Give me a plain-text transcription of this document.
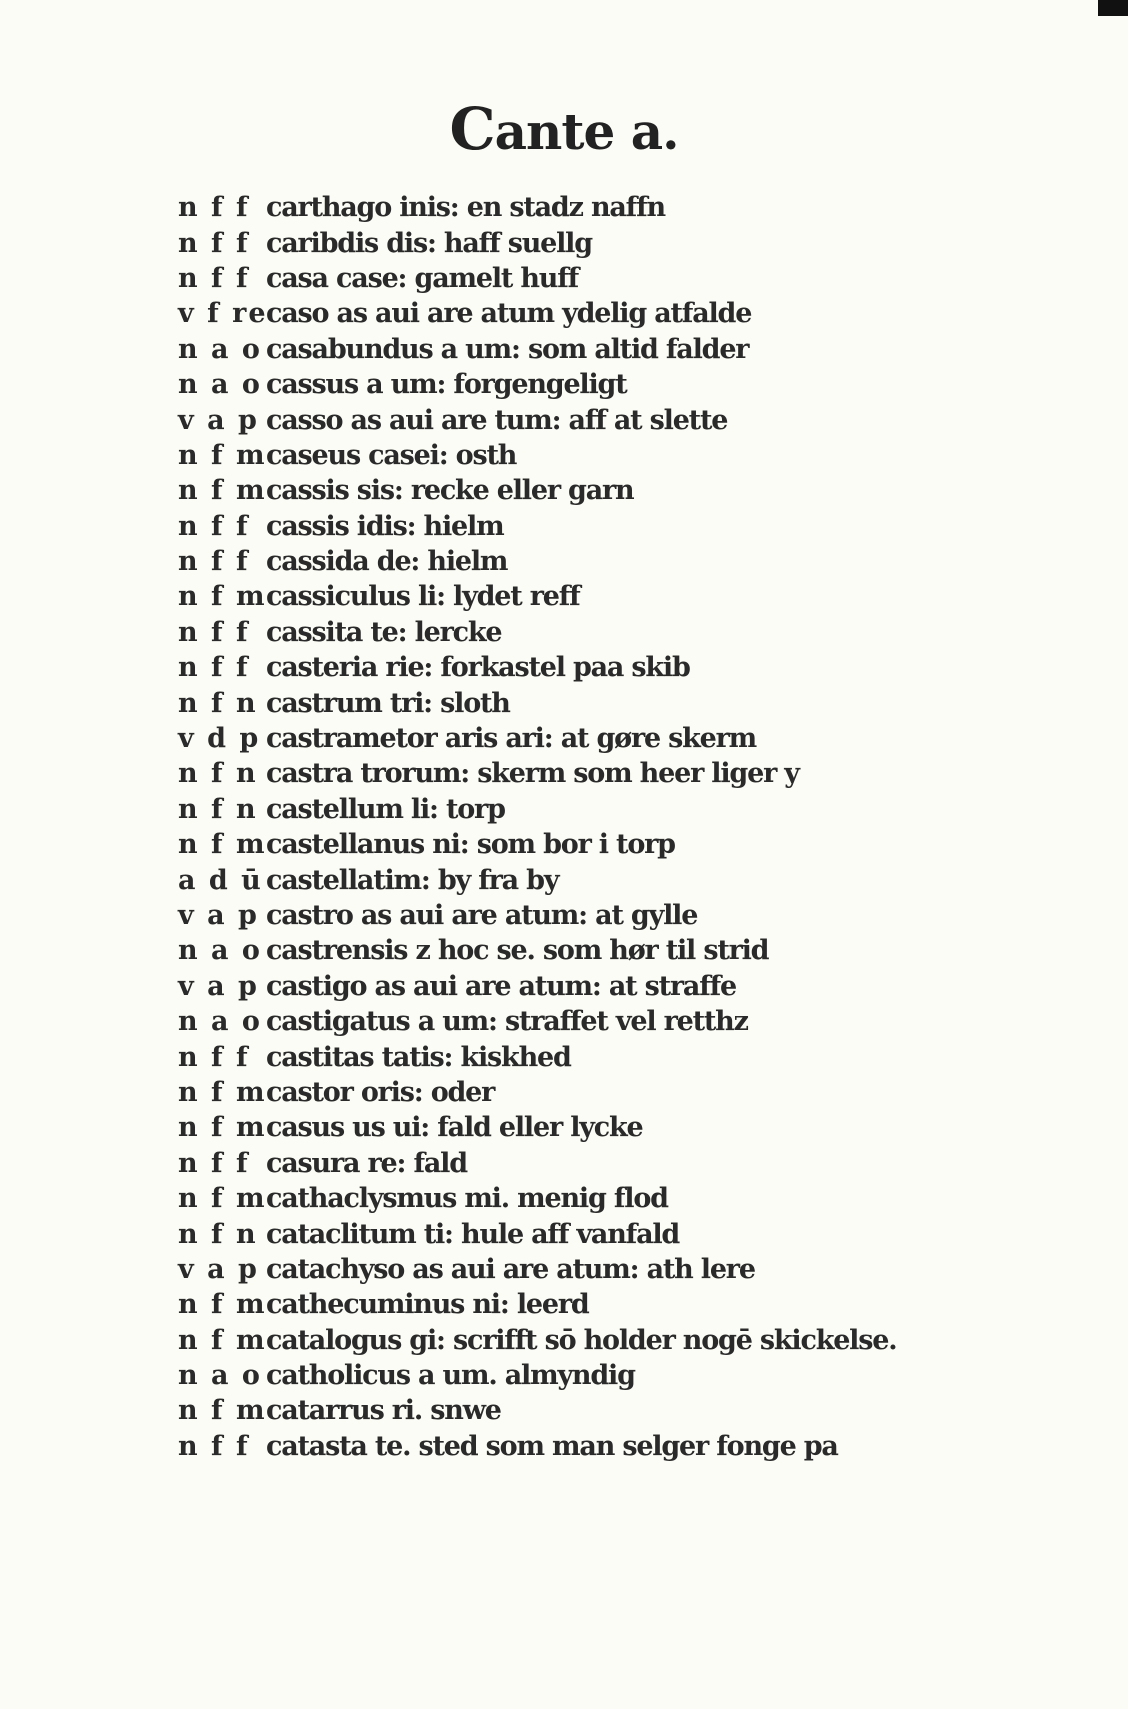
Cante a.
n f f carthago inis: en stadz naffn
n f f caribdis dis: haff suellg
n f f casa case: gamelt huff
v f re
caso as aui are atum ydelig atfalde
n a o casabundus a um: som altid falder
n a o cassus a um: forgengeligt
v a p casso as aui are tum: aff at slette
n f m caseus casei: osth
n f m cassis sis: recke eller garn
n f f cassis idis: hielm
n f f cassida de: hielm
n f m cassiculus li: lydet reff
n f f cassita te: lercke
n f f casteria rie: forkastel paa skib
n f n castrum tri: sloth
v d p castrametor aris ari: at gøre skerm
n f n castra trorum: skerm som heer liger y
n f n castellum li: torp
n f m castellanus ni: som bor i torp
a d ū castellatim: by fra by
v a p castro as aui are atum: at gylle
n a o castrensis z hoc se. som hør til strid
v a p castigo as aui are atum: at straffe
n a o castigatus a um: straffet vel retthz
n f f castitas tatis: kiskhed
n f m castor oris: oder
n f m casus us ui: fald eller lycke
n f f casura re: fald
n f m cathaclysmus mi. menig flod
n f n cataclitum ti: hule aff vanfald
v a p catachyso as aui are atum: ath lere
n f m cathecuminus ni: leerd
n f m catalogus gi: scrifft sō holder nogē skickelse.
n a o catholicus a um. almyndig
n f m catarrus ri. snwe
n f f catasta te. sted som man selger fonge pa
